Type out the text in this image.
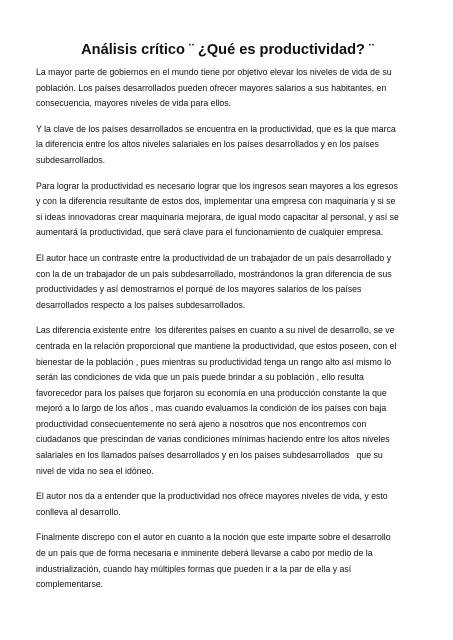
Análisis crítico ¨ ¿Qué es productividad? ¨

La mayor parte de gobiernos en el mundo tiene por objetivo elevar los niveles de vida de su
población. Los países desarrollados pueden ofrecer mayores salarios a sus habitantes, en
consecuencia, mayores niveles de vida para ellos.

Y la clave de los países desarrollados se encuentra en la productividad, que es la que marca
la diferencia entre los altos niveles salariales en los países desarrollados y en los países
subdesarrollados.

Para lograr la productividad es necesario lograr que los ingresos sean mayores a los egresos
y con la diferencia resultante de estos dos, implementar una empresa con maquinaria y si se
si ideas innovadoras crear maquinaria mejorara, de igual modo capacitar al personal, y así se
aumentará la productividad, que será clave para el funcionamiento de cualquier empresa.

El autor hace un contraste entre la productividad de un trabajador de un país desarrollado y
con la de un trabajador de un país subdesarrollado, mostrándonos la gran diferencia de sus
productividades y así demostrarnos el porqué de los mayores salarios de los países
desarrollados respecto a los países subdesarrollados.

Las diferencia existente entre  los diferentes países en cuanto a su nivel de desarrollo, se ve
centrada en la relación proporcional que mantiene la productividad, que estos poseen, con el
bienestar de la población , pues mientras su productividad tenga un rango alto así mismo lo
serán las condiciones de vida que un país puede brindar a su población , ello resulta
favorecedor para los países que forjaron su economía en una producción constante la que
mejoró a lo largo de los años , mas cuando evaluamos la condición de los países con baja
productividad consecuentemente no será ajeno a nosotros que nos encontremos con
ciudadanos que prescindan de varias condiciones mínimas haciendo entre los altos niveles
salariales en los llamados países desarrollados y en los países subdesarrollados   que su
nivel de vida no sea el idóneo.

El autor nos da a entender que la productividad nos ofrece mayores niveles de vida, y esto
conlleva al desarrollo.

Finalmente discrepo con el autor en cuanto a la noción que este imparte sobre el desarrollo
de un país que de forma necesaria e inminente deberá llevarse a cabo por medio de la
industrialización, cuando hay múltiples formas que pueden ir a la par de ella y así
complementarse.
